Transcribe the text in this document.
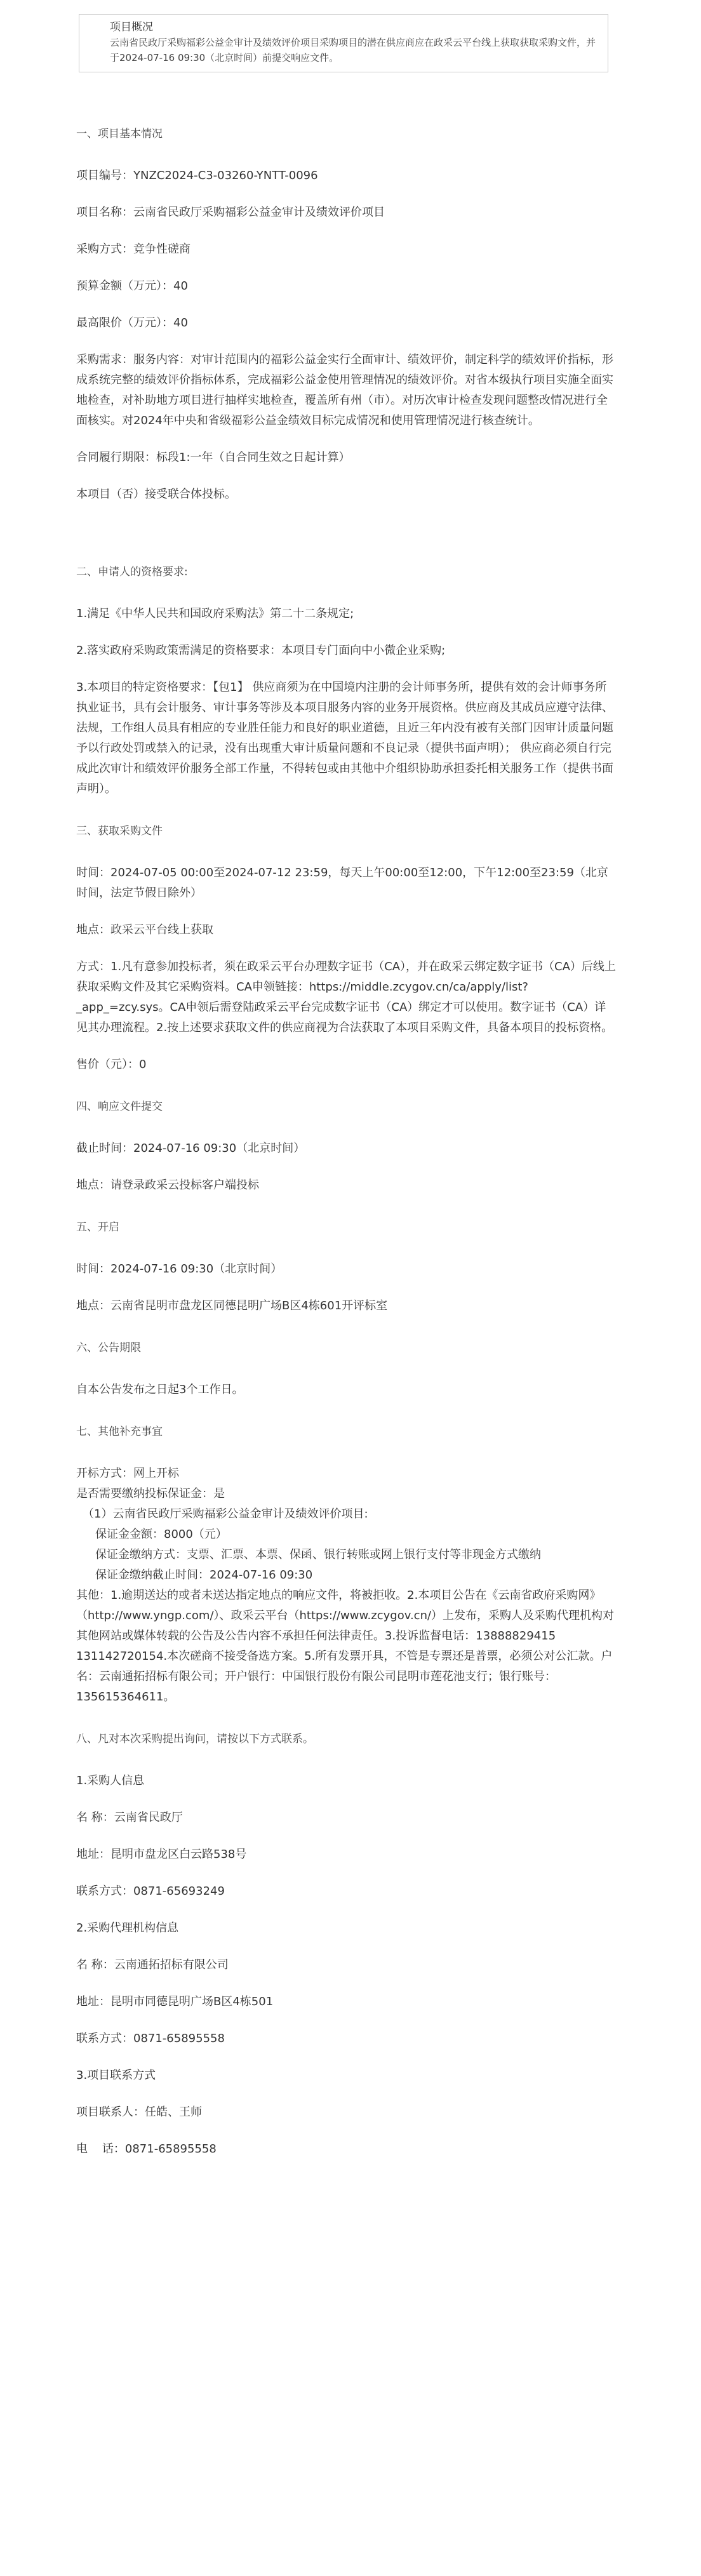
项目概况

云南省民政厅采购福彩公益金审计及绩效评价项目采购项目的潜在供应商应在政采云平台线上获取获取采购文件，并于2024-07-16 09:30（北京时间）前提交响应文件。

一、项目基本情况

项目编号：YNZC2024-C3-03260-YNTT-0096

项目名称：云南省民政厅采购福彩公益金审计及绩效评价项目

采购方式：竞争性磋商

预算金额（万元）：40

最高限价（万元）：40

采购需求：服务内容：对审计范围内的福彩公益金实行全面审计、绩效评价，制定科学的绩效评价指标，形成系统完整的绩效评价指标体系，完成福彩公益金使用管理情况的绩效评价。对省本级执行项目实施全面实地检查，对补助地方项目进行抽样实地检查，覆盖所有州（市）。对历次审计检查发现问题整改情况进行全面核实。对2024年中央和省级福彩公益金绩效目标完成情况和使用管理情况进行核查统计。

合同履行期限：标段1:一年（自合同生效之日起计算）

本项目（否）接受联合体投标。

二、申请人的资格要求:

1.满足《中华人民共和国政府采购法》第二十二条规定;

2.落实政府采购政策需满足的资格要求：本项目专门面向中小微企业采购;

3.本项目的特定资格要求：【包1】 供应商须为在中国境内注册的会计师事务所，提供有效的会计师事务所执业证书，具有会计服务、审计事务等涉及本项目服务内容的业务开展资格。供应商及其成员应遵守法律、法规，工作组人员具有相应的专业胜任能力和良好的职业道德，且近三年内没有被有关部门因审计质量问题予以行政处罚或禁入的记录，没有出现重大审计质量问题和不良记录（提供书面声明）； 供应商必须自行完成此次审计和绩效评价服务全部工作量，不得转包或由其他中介组织协助承担委托相关服务工作（提供书面声明）。

三、获取采购文件

时间：2024-07-05 00:00至2024-07-12 23:59，每天上午00:00至12:00，下午12:00至23:59（北京时间，法定节假日除外）

地点：政采云平台线上获取

方式：1.凡有意参加投标者，须在政采云平台办理数字证书（CA），并在政采云绑定数字证书（CA）后线上获取采购文件及其它采购资料。CA申领链接：https://middle.zcygov.cn/ca/apply/list?_app_=zcy.sys。CA申领后需登陆政采云平台完成数字证书（CA）绑定才可以使用。数字证书（CA）详见其办理流程。2.按上述要求获取文件的供应商视为合法获取了本项目采购文件，具备本项目的投标资格。

售价（元）：0

四、响应文件提交

截止时间：2024-07-16 09:30（北京时间）

地点：请登录政采云投标客户端投标

五、开启

时间：2024-07-16 09:30（北京时间）

地点：云南省昆明市盘龙区同德昆明广场B区4栋601开评标室

六、公告期限

自本公告发布之日起3个工作日。

七、其他补充事宜

开标方式：网上开标

是否需要缴纳投标保证金：是

（1）云南省民政厅采购福彩公益金审计及绩效评价项目:

保证金金额：8000（元）

保证金缴纳方式：支票、汇票、本票、保函、银行转账或网上银行支付等非现金方式缴纳

保证金缴纳截止时间：2024-07-16 09:30

其他：1.逾期送达的或者未送达指定地点的响应文件，将被拒收。2.本项目公告在《云南省政府采购网》（http://www.yngp.com/）、政采云平台（https://www.zcygov.cn/）上发布，采购人及采购代理机构对其他网站或媒体转载的公告及公告内容不承担任何法律责任。3.投诉监督电话：13888829415 13114272015​4.本次磋商不接受备选方案。5.所有发票开具，不管是专票还是普票，必须公对公汇款。户名：云南通拓招标有限公司；开户银行：中国银行股份有限公司昆明市莲花池支行；银行账号：135615364611。

八、凡对本次采购提出询问，请按以下方式联系。

1.采购人信息

名 称：云南省民政厅

地址：昆明市盘龙区白云路538号

联系方式：0871-65693249

2.采购代理机构信息

名 称：云南通拓招标有限公司

地址：昆明市同德昆明广场B区4栋501

联系方式：0871-65895558

3.项目联系方式

项目联系人：任皓、王师

电    话：0871-65895558
